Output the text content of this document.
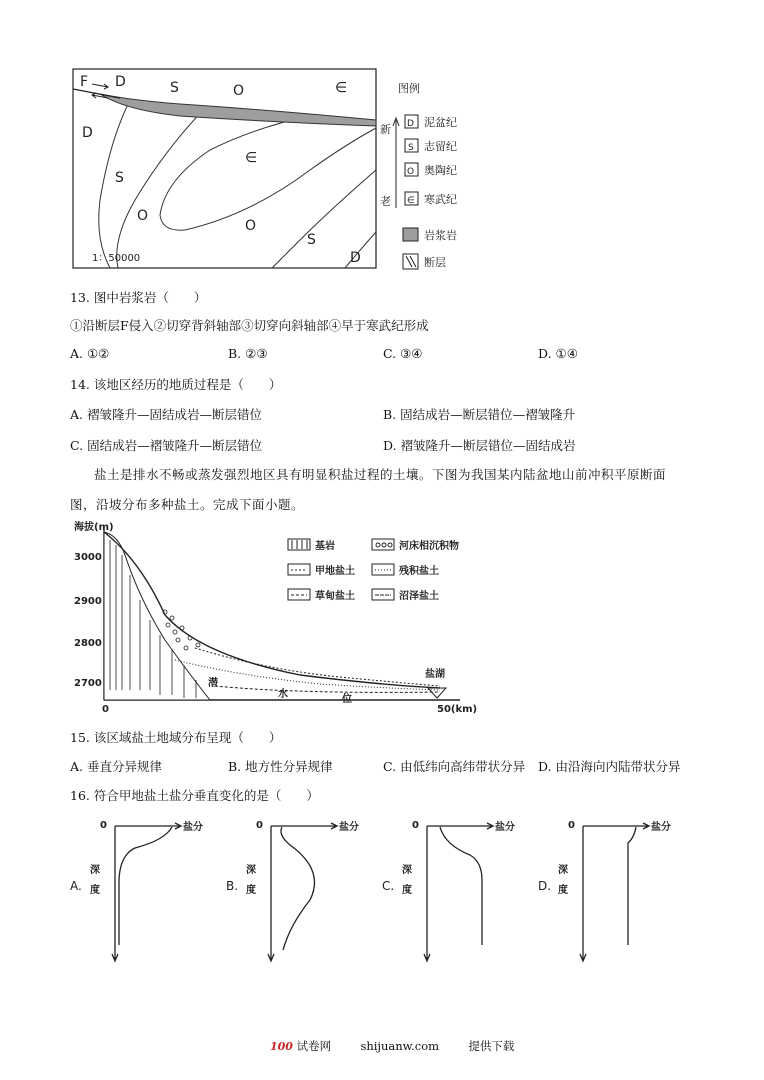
F D	S	O	∈
D
S
∈
O
O
S
D
1：50000
图例
新
老
D 泥盆纪
S 志留纪
O 奥陶纪
∈ 寒武纪
岩浆岩
断层
13. 图中岩浆岩（　　）
①沿断层F侵入②切穿背斜轴部③切穿向斜轴部④早于寒武纪形成
A. ①②	B. ②③	C. ③④	D. ①④
14. 该地区经历的地质过程是（　　）
A. 褶皱隆升—固结成岩—断层错位	B. 固结成岩—断层错位—褶皱隆升
C. 固结成岩—褶皱隆升—断层错位	D. 褶皱隆升—断层错位—固结成岩
盐土是排水不畅或蒸发强烈地区具有明显积盐过程的土壤。下图为我国某内陆盆地山前冲积平原断面
图，沿坡分布多种盐土。完成下面小题。
海拔(m)
3000
2900
2800
2700
0	50(km)
盐湖
潜
水	位
基岩	河床相沉积物
甲地盐土	残积盐土
草甸盐土	沼泽盐土
15. 该区域盐土地域分布呈现（　　）
A. 垂直分异规律	B. 地方性分异规律	C. 由低纬向高纬带状分异 D. 由沿海向内陆带状分异
16. 符合甲地盐土盐分垂直变化的是（　　）
A.
0	盐分
深
度	B.
0	盐分
深
度	C.
0	盐分
深
度	D.
0	盐分
深
度
100 试卷网	shijuanw.com	提供下载
